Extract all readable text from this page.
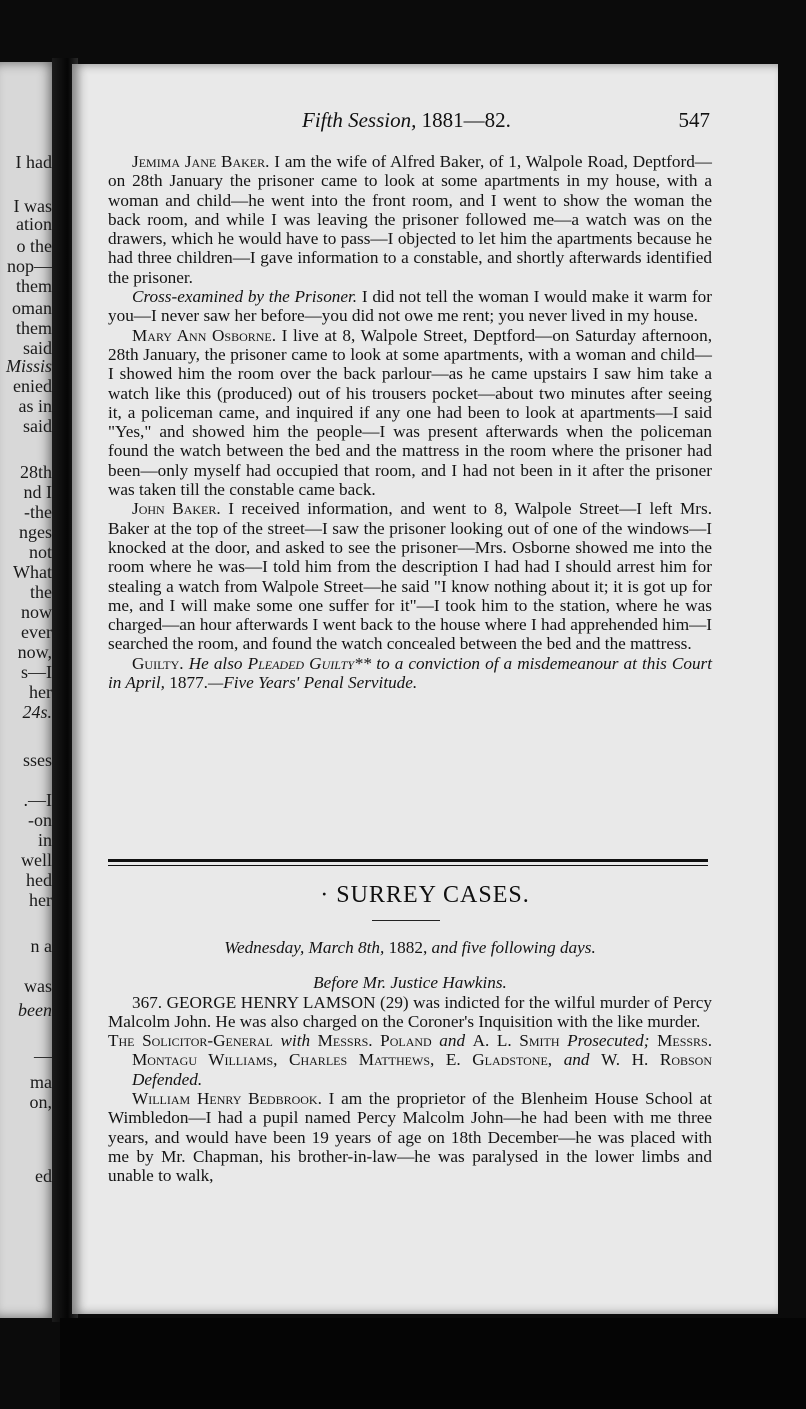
I had
I was
ation
o the
nop—
them
oman
them
said
Missis
enied
as in
said
28th
nd I
-the
nges
not
What
the
now
ever
now,
s—I
her
24s.
sses
.—I
-on
in
well
hed
her
n a
was
been
—
ma
on,
ed
Fifth Session, 1881—82.	547

Jemima Jane Baker. I am the wife of Alfred Baker, of 1, Walpole Road, Deptford—on 28th January the prisoner came to look at some apartments in my house, with a woman and child—he went into the front room, and I went to show the woman the back room, and while I was leaving the prisoner followed me—a watch was on the drawers, which he would have to pass—I objected to let him the apartments because he had three children—I gave information to a constable, and shortly afterwards identified the prisoner.

Cross-examined by the Prisoner. I did not tell the woman I would make it warm for you—I never saw her before—you did not owe me rent; you never lived in my house.

Mary Ann Osborne. I live at 8, Walpole Street, Deptford—on Saturday afternoon, 28th January, the prisoner came to look at some apartments, with a woman and child—I showed him the room over the back parlour—as he came upstairs I saw him take a watch like this (produced) out of his trousers pocket—about two minutes after seeing it, a policeman came, and inquired if any one had been to look at apartments—I said "Yes," and showed him the people—I was present afterwards when the policeman found the watch between the bed and the mattress in the room where the prisoner had been—only myself had occupied that room, and I had not been in it after the prisoner was taken till the constable came back.

John Baker. I received information, and went to 8, Walpole Street—I left Mrs. Baker at the top of the street—I saw the prisoner looking out of one of the windows—I knocked at the door, and asked to see the prisoner—Mrs. Osborne showed me into the room where he was—I told him from the description I had had I should arrest him for stealing a watch from Walpole Street—he said "I know nothing about it; it is got up for me, and I will make some one suffer for it"—I took him to the station, where he was charged—an hour afterwards I went back to the house where I had apprehended him—I searched the room, and found the watch concealed between the bed and the mattress.

Guilty. He also Pleaded Guilty** to a conviction of a misdemeanour at this Court in April, 1877.—Five Years' Penal Servitude.

· SURREY CASES.

Wednesday, March 8th, 1882, and five following days.

Before Mr. Justice Hawkins.

367. GEORGE HENRY LAMSON (29) was indicted for the wilful murder of Percy Malcolm John. He was also charged on the Coroner's Inquisition with the like murder.

The Solicitor-General with Messrs. Poland and A. L. Smith Prosecuted; Messrs. Montagu Williams, Charles Matthews, E. Gladstone, and W. H. Robson Defended.

William Henry Bedbrook. I am the proprietor of the Blenheim House School at Wimbledon—I had a pupil named Percy Malcolm John—he had been with me three years, and would have been 19 years of age on 18th December—he was placed with me by Mr. Chapman, his brother-in-law—he was paralysed in the lower limbs and unable to walk,
